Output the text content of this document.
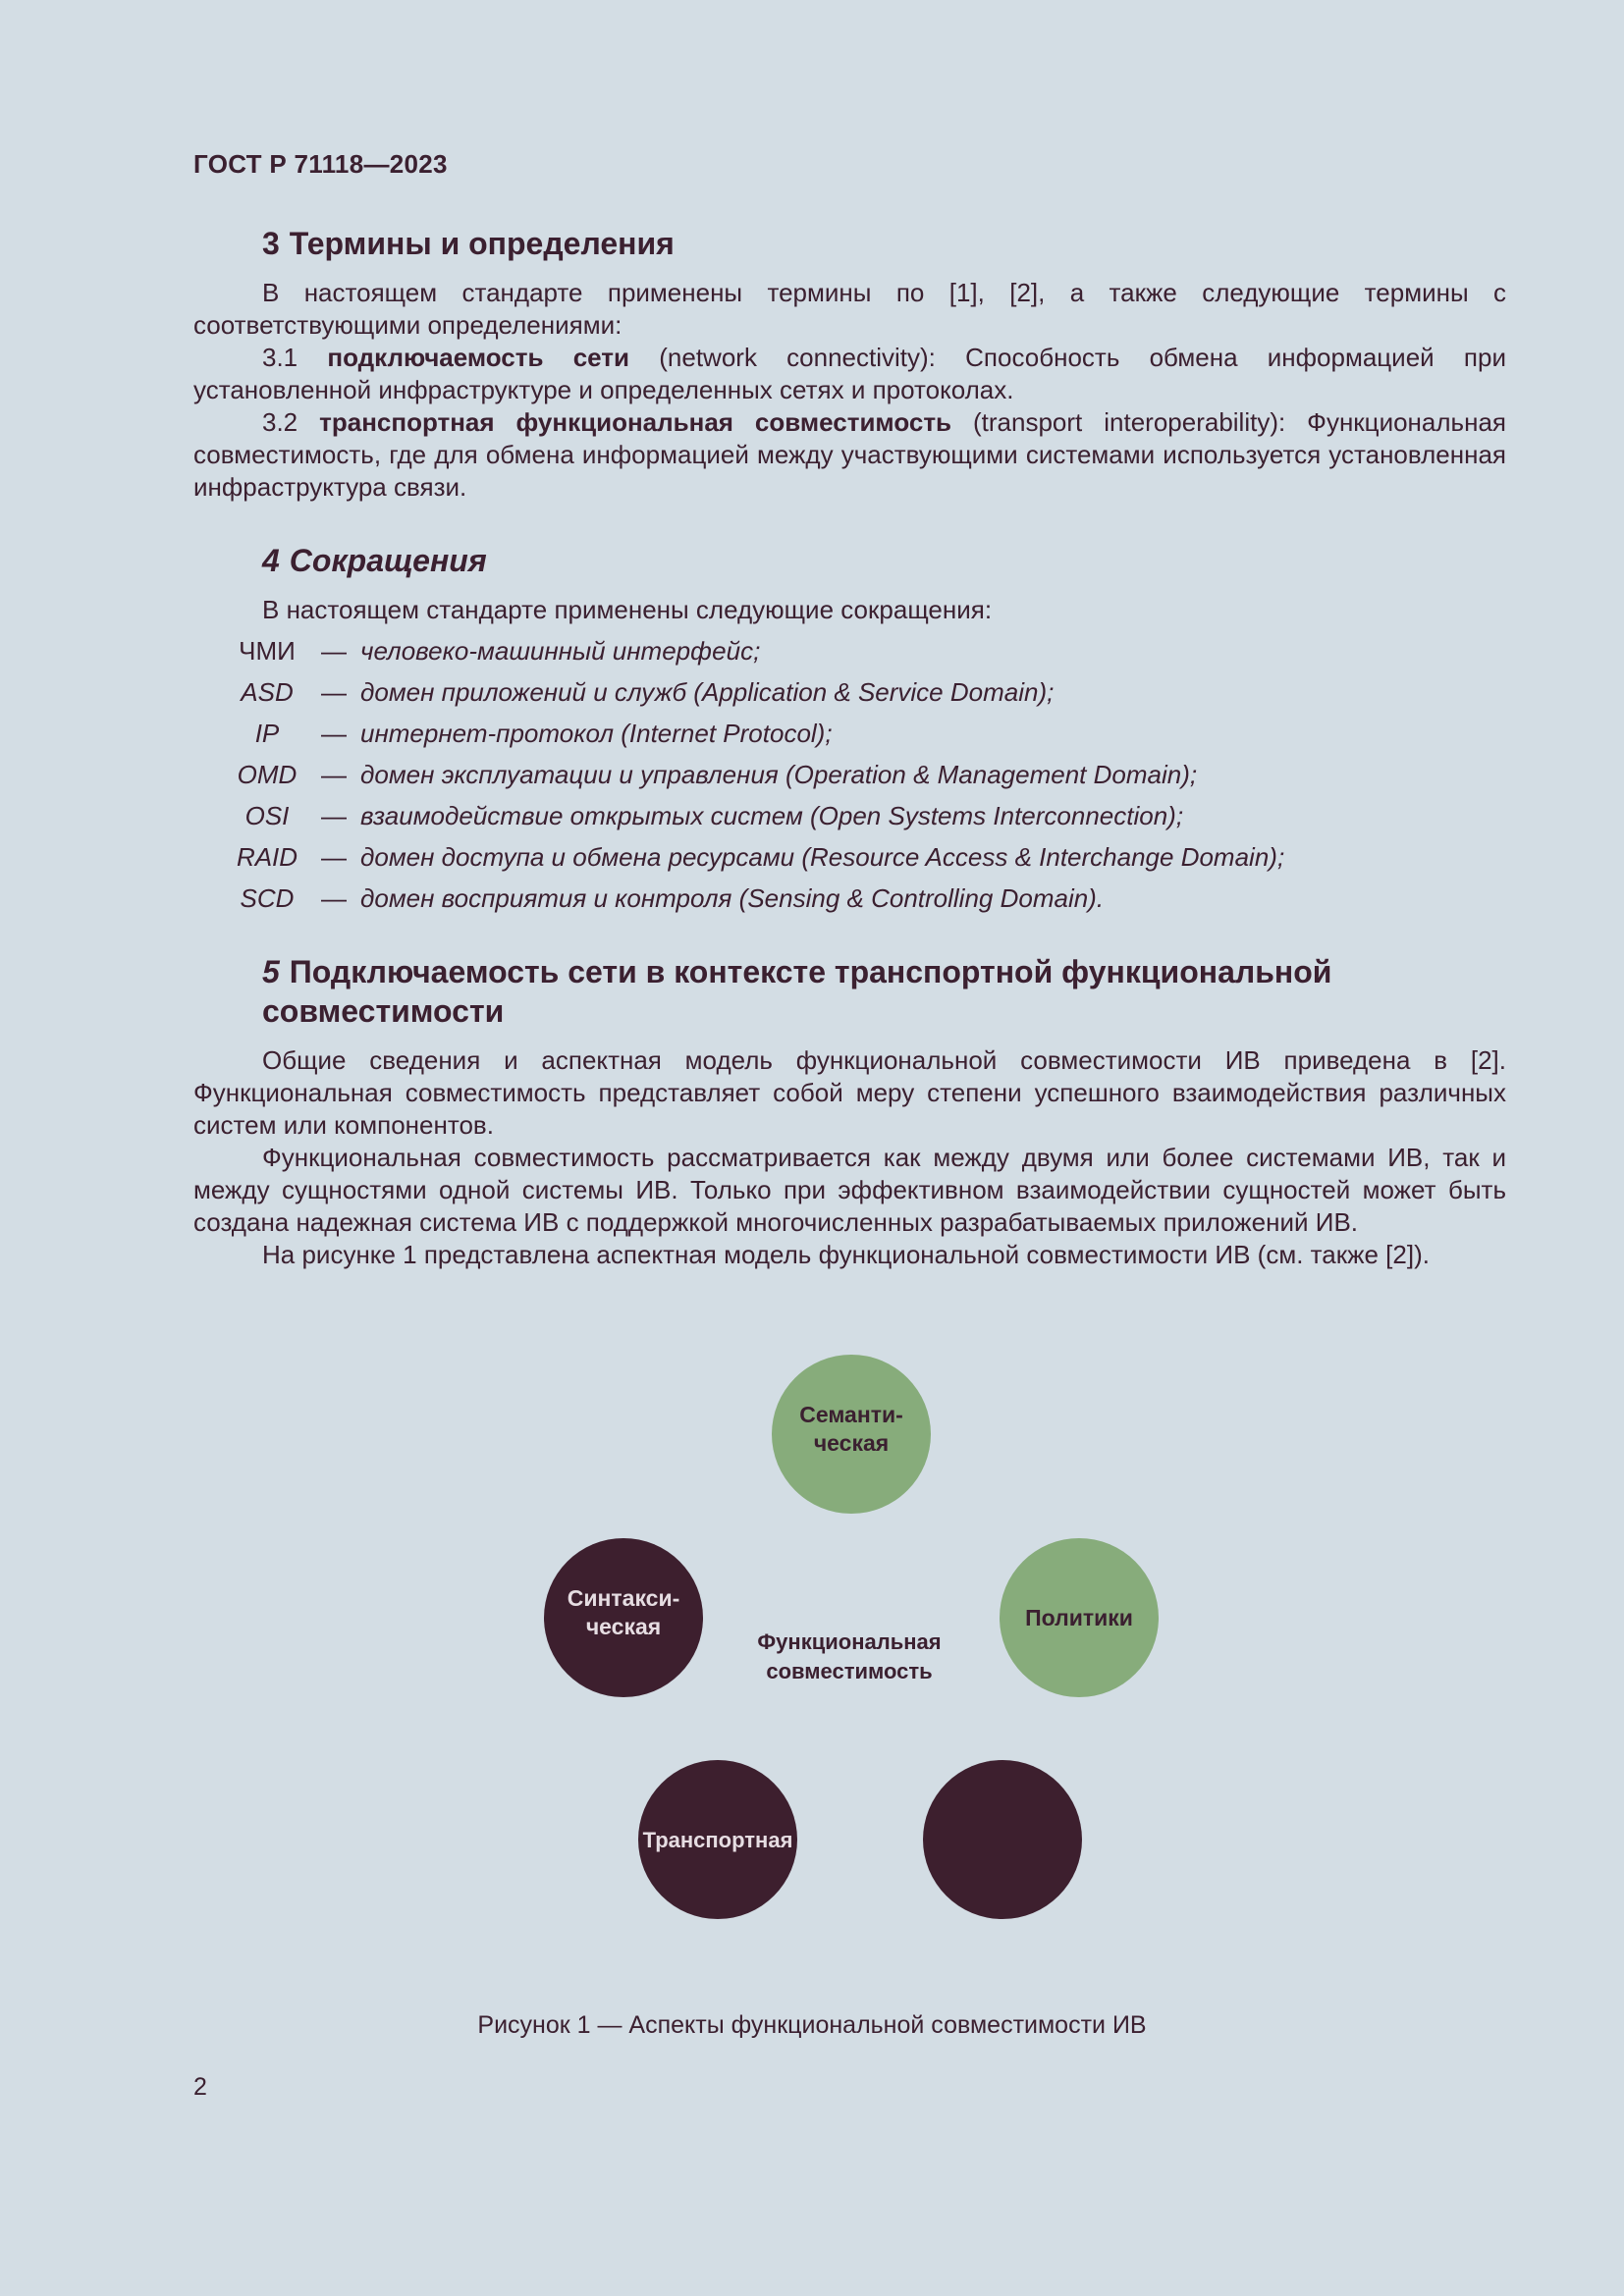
ГОСТ Р 71118—2023
3 Термины и определения

В настоящем стандарте применены термины по [1], [2], а также следующие термины с соответствующими определениями:

3.1 подключаемость сети (network connectivity): Способность обмена информацией при установленной инфраструктуре и определенных сетях и протоколах.

3.2 транспортная функциональная совместимость (transport interoperability): Функциональная совместимость, где для обмена информацией между участвующими системами используется установленная инфраструктура связи.

4 Сокращения

В настоящем стандарте применены следующие сокращения:

ЧМИ	— человеко-машинный интерфейс;
ASD	— домен приложений и служб (Application & Service Domain);
IP	— интернет-протокол (Internet Protocol);
OMD — домен эксплуатации и управления (Operation & Management Domain);
OSI	— взаимодействие открытых систем (Open Systems Interconnection);
RAID — домен доступа и обмена ресурсами (Resource Access & Interchange Domain);
SCD	— домен восприятия и контроля (Sensing & Controlling Domain).
5 Подключаемость сети в контексте транспортной функциональной совместимости

Общие сведения и аспектная модель функциональной совместимости ИВ приведена в [2]. Функциональная совместимость представляет собой меру степени успешного взаимодействия различных систем или компонентов.

Функциональная совместимость рассматривается как между двумя или более системами ИВ, так и между сущностями одной системы ИВ. Только при эффективном взаимодействии сущностей может быть создана надежная система ИВ с поддержкой многочисленных разрабатываемых приложений ИВ.

На рисунке 1 представлена аспектная модель функциональной совместимости ИВ (см. также [2]).

Семанти-
ческая
Синтакси-
ческая	Политики
Функциональная
совместимость
Транспортная
Рисунок 1 — Аспекты функциональной совместимости ИВ
2
